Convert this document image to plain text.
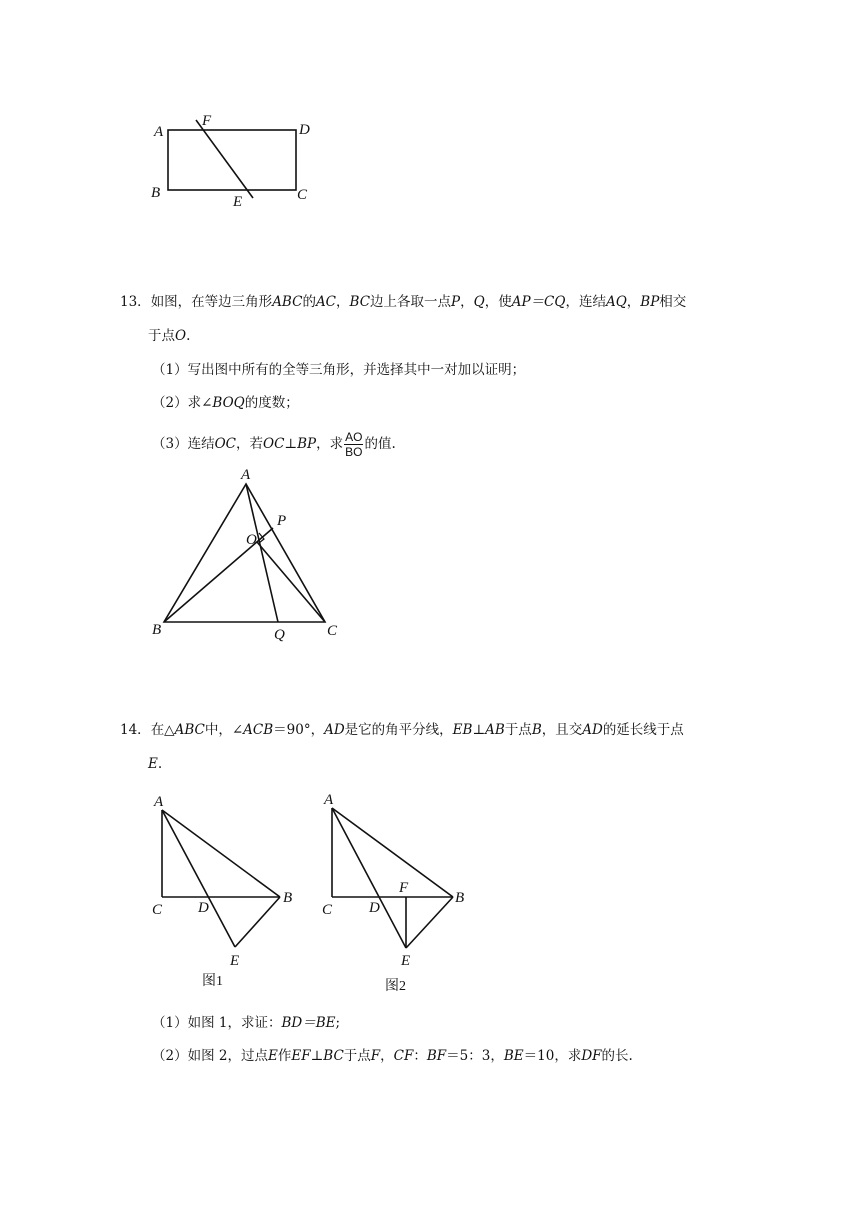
A
F
D
B
E	C
13．如图，在等边三角形ABC的AC，BC边上各取一点P，Q，使AP＝CQ，连结AQ，BP相交
于点O.
（1）写出图中所有的全等三角形，并选择其中一对加以证明；
（2）求∠BOQ的度数；
（3）连结OC，若OC⊥BP，求 $\frac{AO}{BO}$ 的值.
A
P
O
B	Q	C
14．在△ABC中，∠ACB＝90°，AD是它的角平分线，EB⊥AB于点B，且交AD的延长线于点
E.
A
C D
B
E
图1
A
F
C D
B
E
图2
（1）如图 1，求证：BD＝BE;
（2）如图 2，过点E作EF⊥BC于点F，CF：BF＝5：3，BE＝10，求DF的长.
